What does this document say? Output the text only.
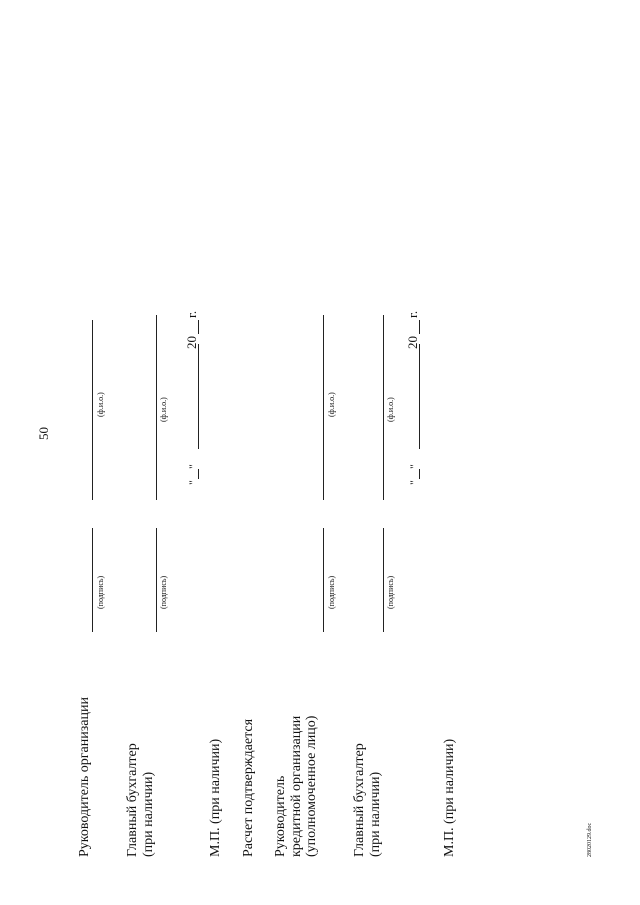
50
Руководитель организации
(подпись)
(ф.и.о.)
Главный бухгалтер (при наличии)
(подпись)
(ф.и.о.)
М.П. (при наличии)
"
"
20
г.
Расчет подтверждается Руководитель кредитной организации (уполномоченное лицо)
(подпись)
(ф.и.о.)
Главный бухгалтер (при наличии)
(подпись)
(ф.и.о.)
"
"
20
г.
М.П. (при наличии)	28020129.doc
